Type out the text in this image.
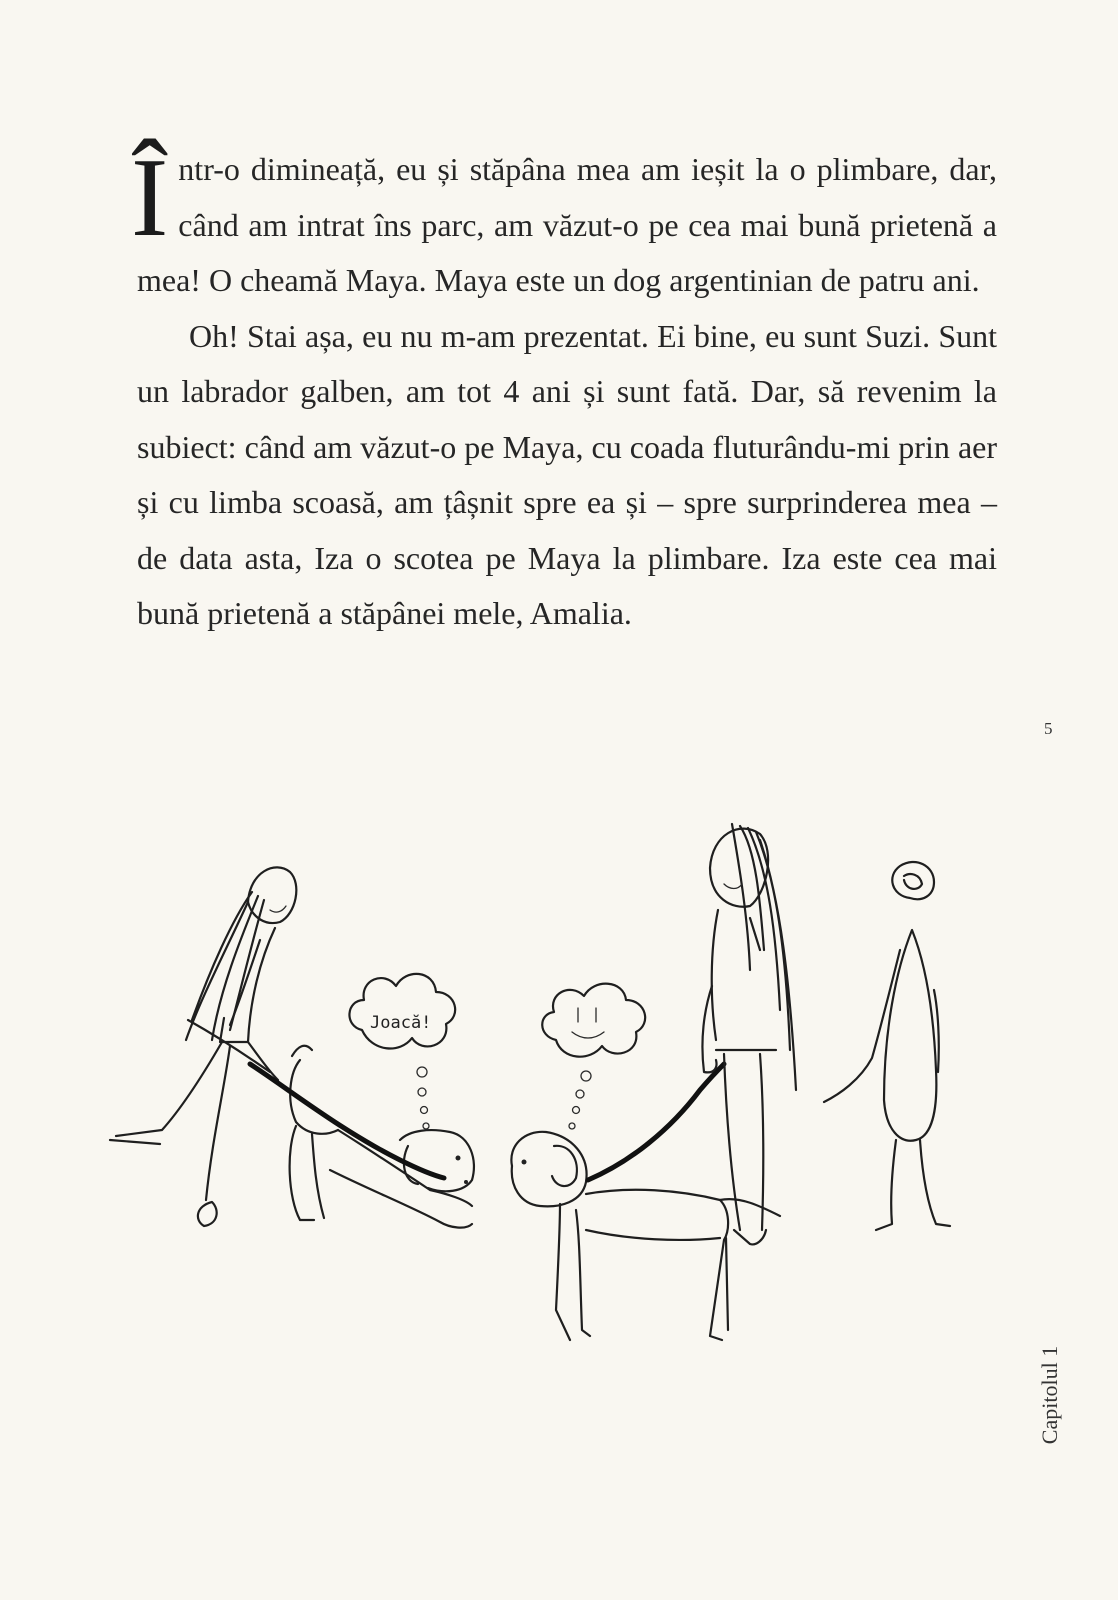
Într-o dimineață, eu și stăpâna mea am ieșit la o plimbare, dar, când am intrat îns parc, am văzut-o pe cea mai bună prietenă a mea! O cheamă Maya. Maya este un dog argentinian de patru ani.

Oh! Stai așa, eu nu m-am prezentat. Ei bine, eu sunt Suzi. Sunt un labrador galben, am tot 4 ani și sunt fată. Dar, să revenim la subiect: când am văzut-o pe Maya, cu coada fluturându-mi prin aer și cu limba scoasă, am țâșnit spre ea și – spre surprinderea mea – de data asta, Iza o scotea pe Maya la plimbare. Iza este cea mai bună prietenă a stăpânei mele, Amalia.

5
Capitolul 1
Joacă!
